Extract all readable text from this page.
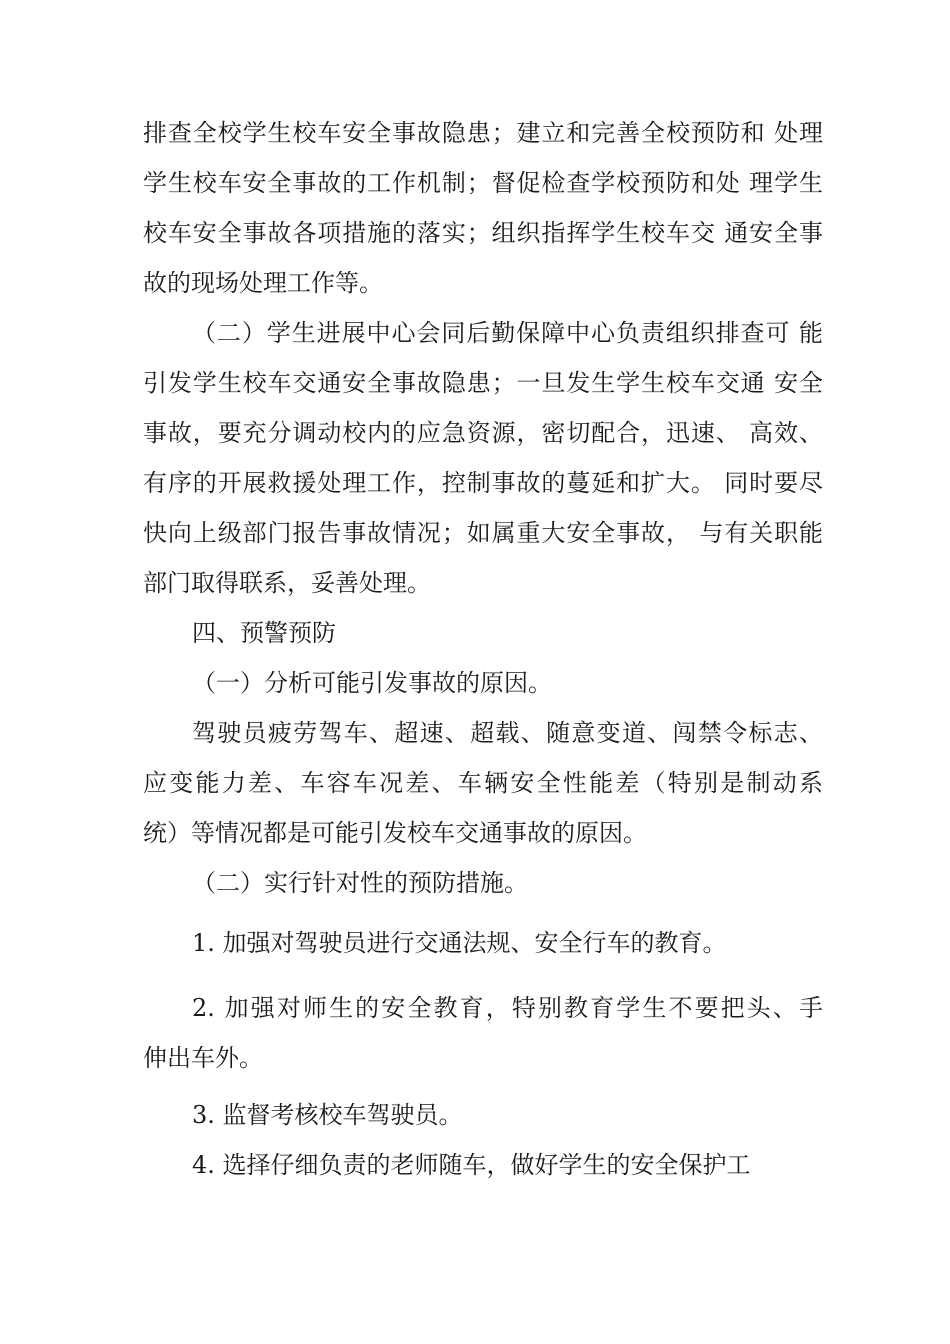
排查全校学生校车安全事故隐患；建立和完善全校预防和 处理

学生校车安全事故的工作机制；督促检查学校预防和处 理学生

校车安全事故各项措施的落实；组织指挥学生校车交 通安全事

故的现场处理工作等。

（二）学生进展中心会同后勤保障中心负责组织排查可 能

引发学生校车交通安全事故隐患；一旦发生学生校车交通 安全

事故，要充分调动校内的应急资源，密切配合，迅速、 高效、

有序的开展救援处理工作，控制事故的蔓延和扩大。 同时要尽

快向上级部门报告事故情况；如属重大安全事故， 与有关职能

部门取得联系，妥善处理。

四、预警预防

（一）分析可能引发事故的原因。

驾驶员疲劳驾车、超速、超载、随意变道、闯禁令标志、

应变能力差、车容车况差、车辆安全性能差（特别是制动系

统）等情况都是可能引发校车交通事故的原因。

（二）实行针对性的预防措施。

1. 加强对驾驶员进行交通法规、安全行车的教育。

2. 加强对师生的安全教育，特别教育学生不要把头、手

伸出车外。

3. 监督考核校车驾驶员。

4. 选择仔细负责的老师随车，做好学生的安全保护工
